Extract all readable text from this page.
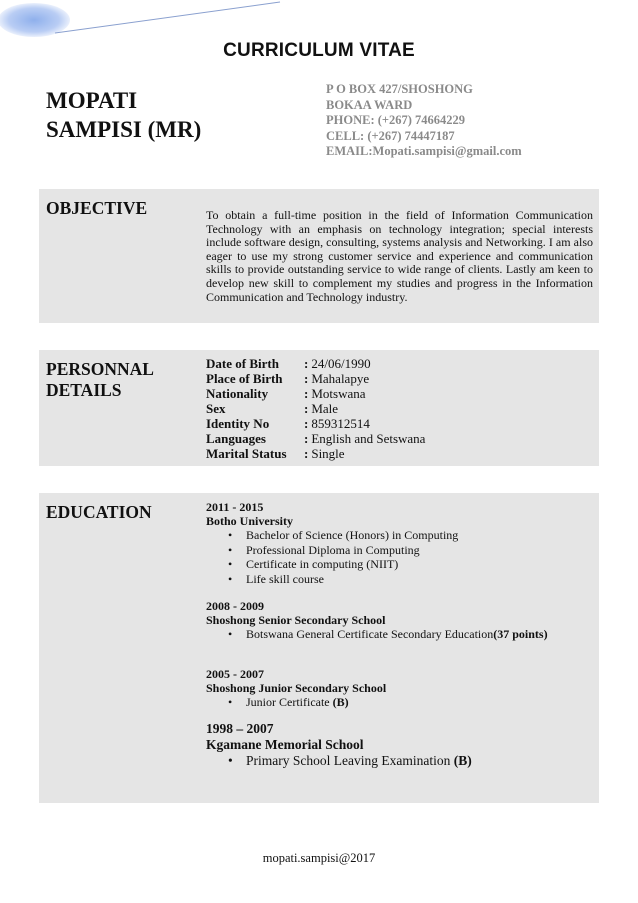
CURRICULUM VITAE
MOPATI
SAMPISI (MR)
P O BOX 427/SHOSHONG
BOKAA WARD
PHONE: (+267) 74664229
CELL: (+267) 74447187
EMAIL:Mopati.sampisi@gmail.com
OBJECTIVE	To obtain a full-time position in the field of Information Communication Technology with an emphasis on technology integration; special interests include software design, consulting, systems analysis and Networking. I am also eager to use my strong customer service and experience and communication skills to provide outstanding service to wide range of clients. Lastly am keen to develop new skill to complement my studies and progress in the Information Communication and Technology industry.
PERSONNAL
DETAILS
Date of Birth	: 24/06/1990
Place of Birth	: Mahalapye
Nationality	: Motswana
Sex	: Male
Identity No	: 859312514
Languages	: English and Setswana
Marital Status	: Single
EDUCATION	2011 - 2015
Botho University
• Bachelor of Science (Honors) in Computing
• Professional Diploma in Computing
• Certificate in computing (NIIT)
• Life skill course
2008 - 2009
Shoshong Senior Secondary School
• Botswana General Certificate Secondary Education(37 points)
2005 - 2007
Shoshong Junior Secondary School
• Junior Certificate (B)
1998 – 2007
Kgamane Memorial School
• Primary School Leaving Examination (B)
mopati.sampisi@2017
